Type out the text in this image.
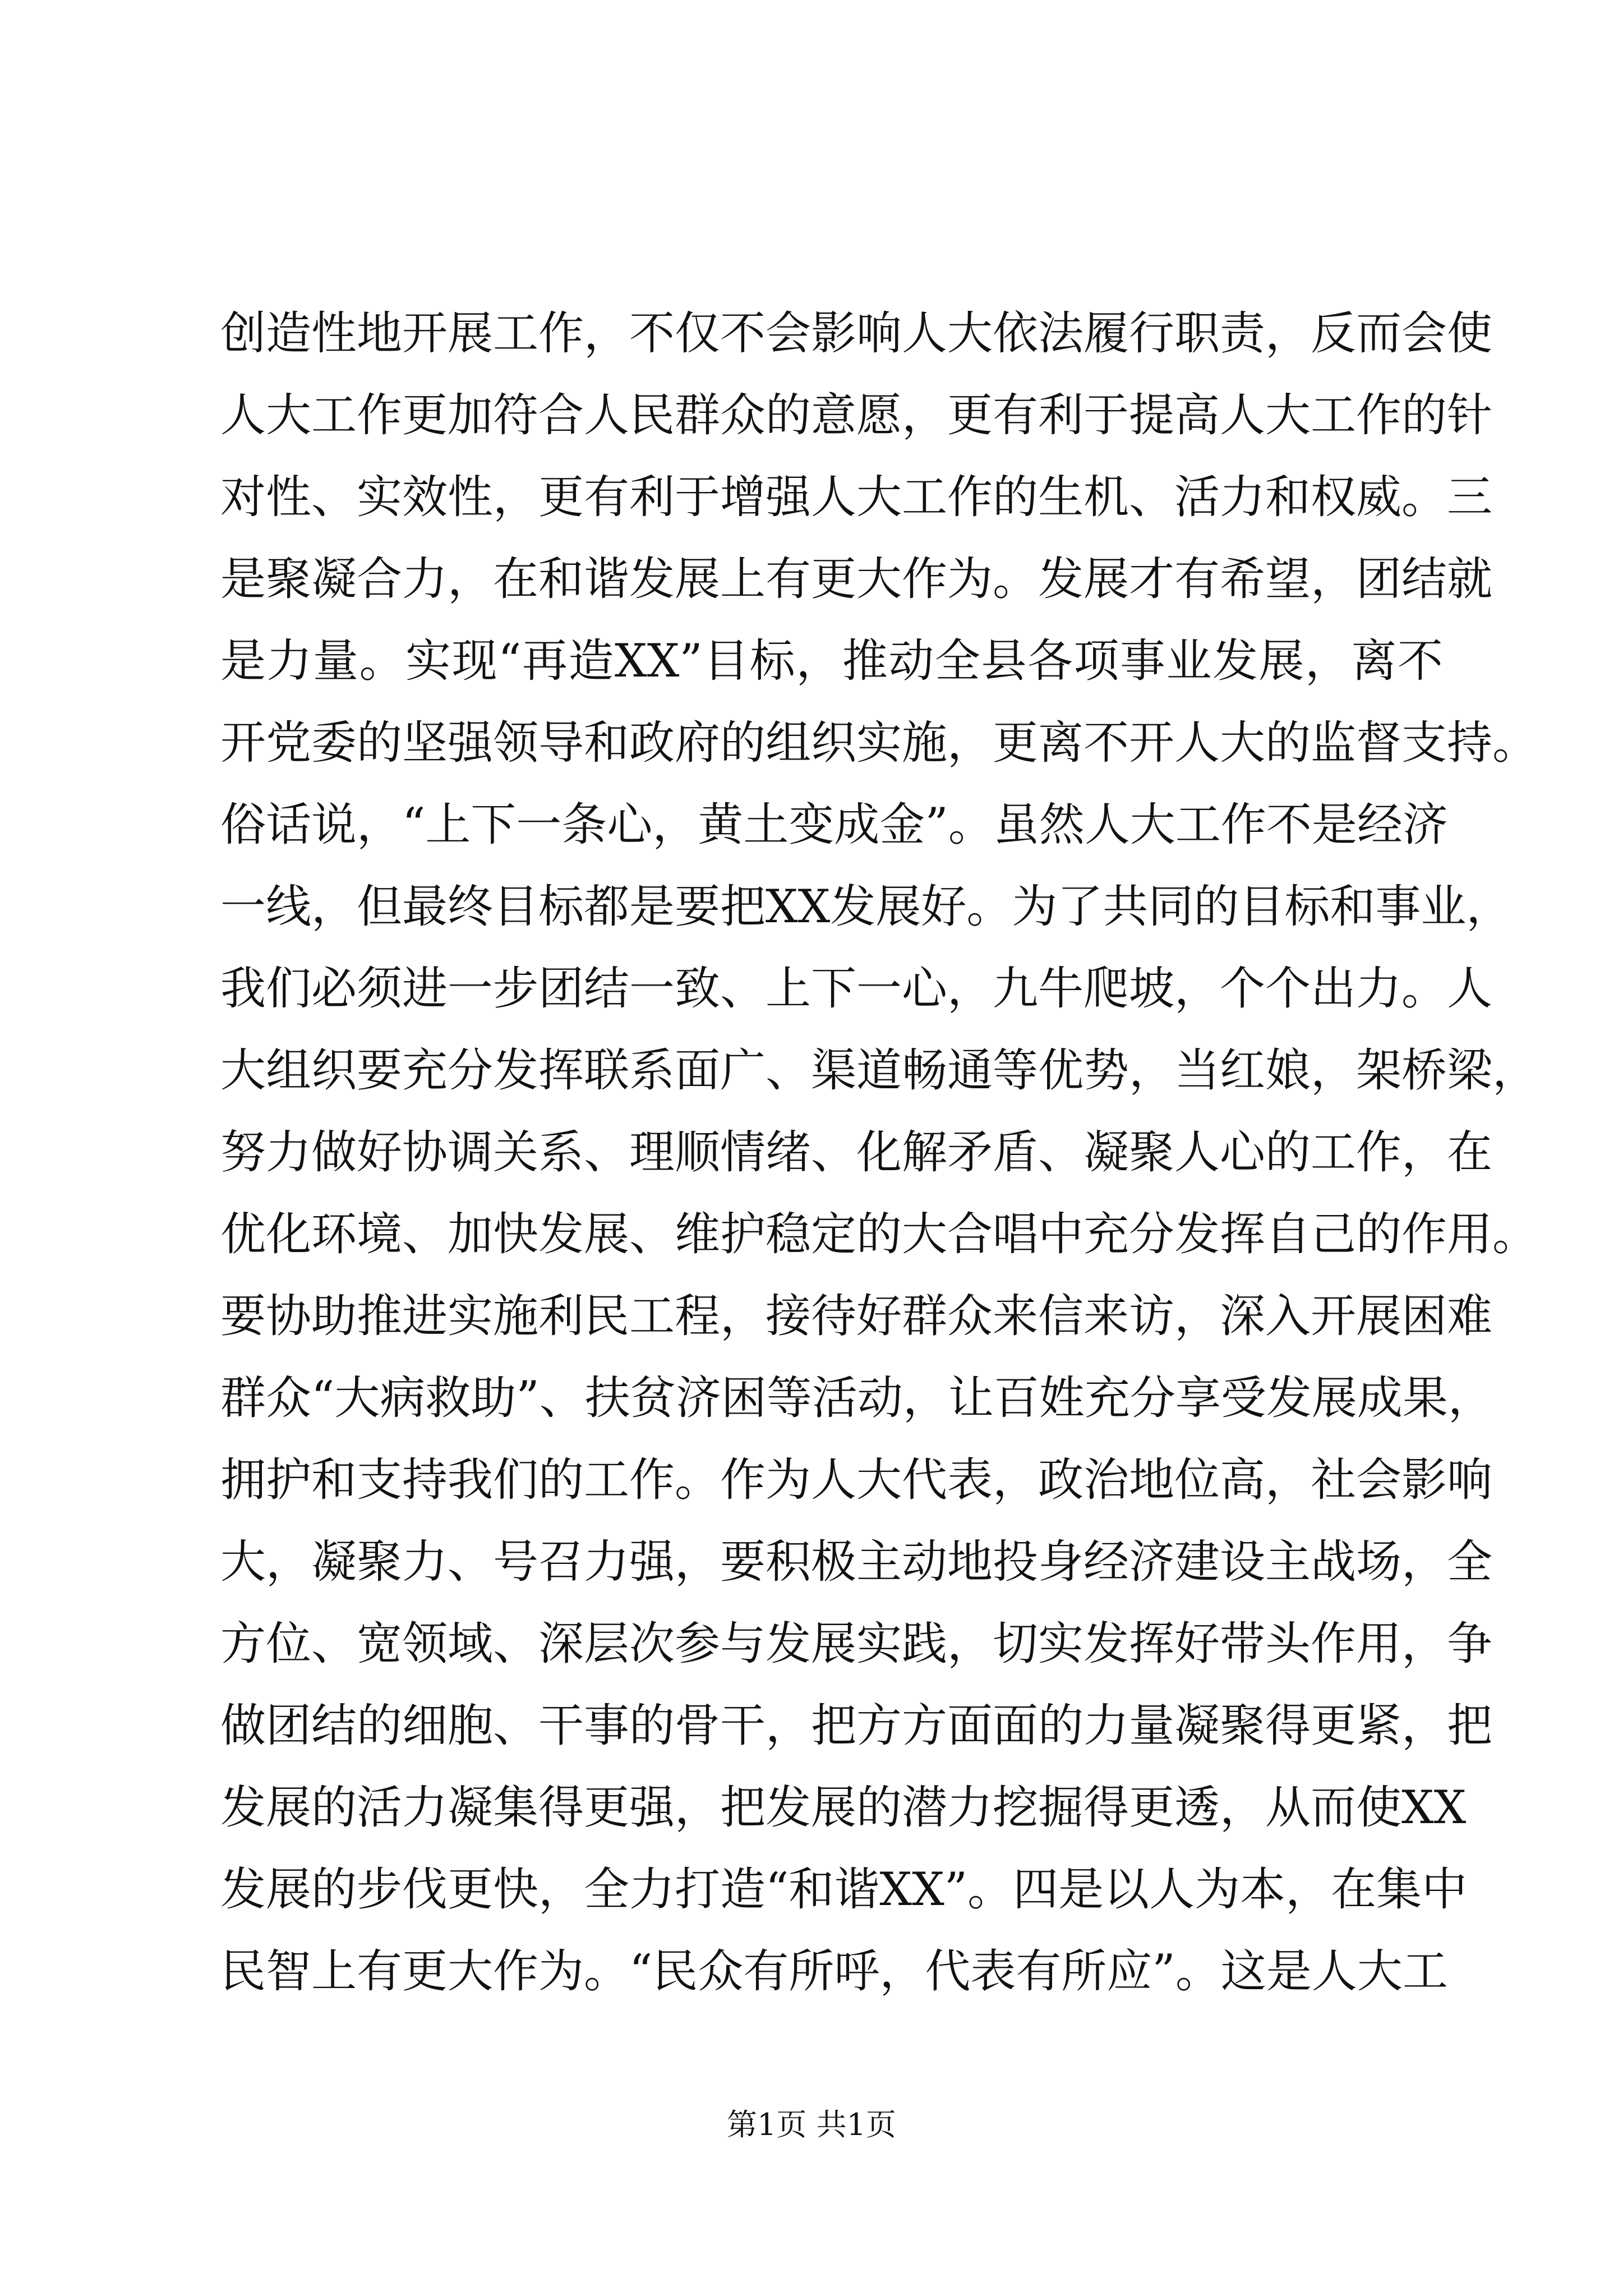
创造性地开展工作，不仅不会影响人大依法履行职责，反而会使
人大工作更加符合人民群众的意愿，更有利于提高人大工作的针
对性、实效性，更有利于增强人大工作的生机、活力和权威。三
是聚凝合力，在和谐发展上有更大作为。发展才有希望，团结就
是力量。实现“再造XX”目标，推动全县各项事业发展，离不
开党委的坚强领导和政府的组织实施，更离不开人大的监督支持。
俗话说，“上下一条心，黄土变成金”。虽然人大工作不是经济
一线，但最终目标都是要把XX发展好。为了共同的目标和事业，
我们必须进一步团结一致、上下一心，九牛爬坡，个个出力。人
大组织要充分发挥联系面广、渠道畅通等优势，当红娘，架桥梁，
努力做好协调关系、理顺情绪、化解矛盾、凝聚人心的工作，在
优化环境、加快发展、维护稳定的大合唱中充分发挥自己的作用。
要协助推进实施利民工程，接待好群众来信来访，深入开展困难
群众“大病救助”、扶贫济困等活动，让百姓充分享受发展成果，
拥护和支持我们的工作。作为人大代表，政治地位高，社会影响
大，凝聚力、号召力强，要积极主动地投身经济建设主战场，全
方位、宽领域、深层次参与发展实践，切实发挥好带头作用，争
做团结的细胞、干事的骨干，把方方面面的力量凝聚得更紧，把
发展的活力凝集得更强，把发展的潜力挖掘得更透，从而使XX
发展的步伐更快，全力打造“和谐XX”。四是以人为本，在集中
民智上有更大作为。“民众有所呼，代表有所应”。这是人大工
第1页 共1页
